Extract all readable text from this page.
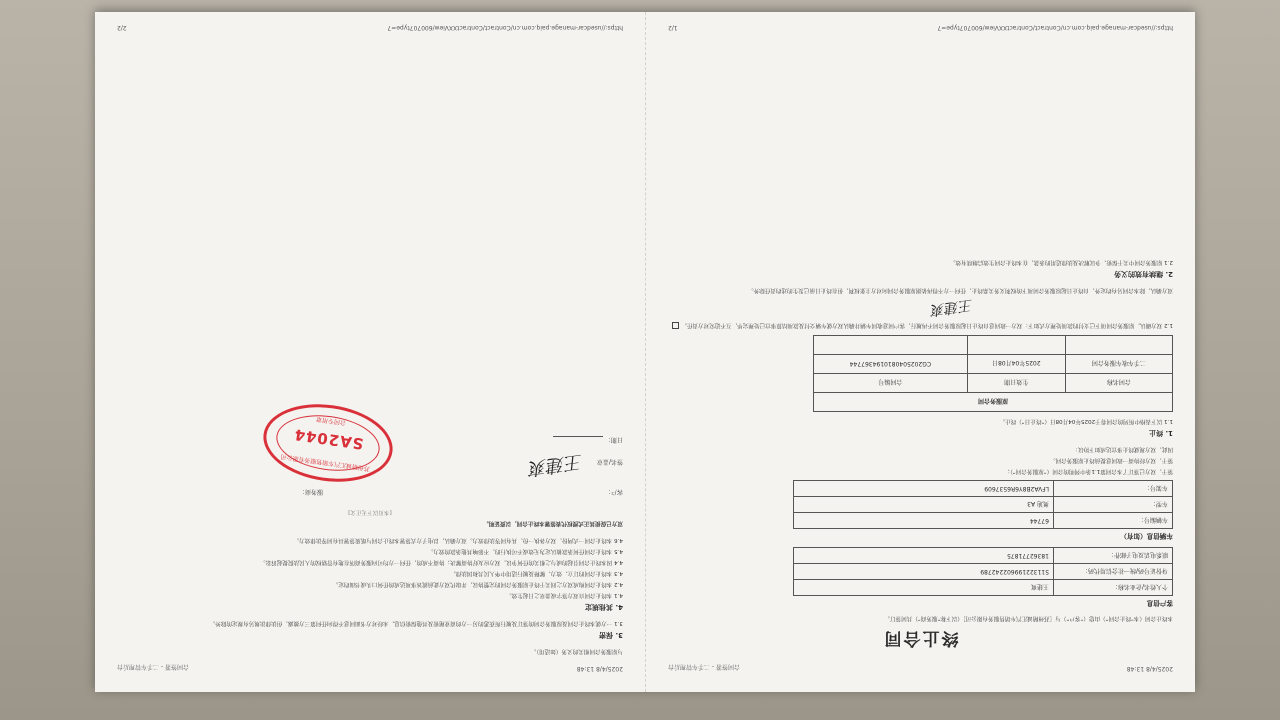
2025/4/8 13:48
合同签署 - 二手车管理后台
终止合同
本终止合同（本“终止合同”）由您（“客户”）与［苏州精诚汇汽车销售服务有限公司］（以下称“服务商”）共同签订。
客户信息
个人姓名/企业名称：	王建爽
身份证号码/统一社会信用代码：	511322199602242789
联系电话及电子邮件：	18362771875
车辆信息（如有）
车辆编号：	67744
车型：	奥迪 A3
车架号：	LFVA2B8Y6R6537609
鉴于，双方已签订了本合同第1.1条中列明的合同（“原服务合同”）；
鉴于，双方经协商一致同意提前终止原服务合同。
因此，双方现就终止事宜达成如下协议：
1. 终止
1.1 以下表格中所列的合同将于2025年04月08日（“终止日”）终止。
原服务合同		
合同名称	生效日期	合同编号
二手车收车服务合同	2025年04月08日	CG2025040810194367744

1.2 双方确认，原服务合同项下已支付的款项处理方式如下：双方一致同意自终止日起原服务合同不再履行，客户同意收回车辆并确认双方就车辆交付及款项结算事宜已处理完毕，互不追究对方责任。
王建爽
双方确认，除本合同另有约定外，自终止日起原服务合同项下的权利义务关系终止，任何一方不得再依据原服务合同向对方主张权利，但在终止日前已发生的违约责任除外。
2. 继续有效的义务
2.1 原服务合同中关于保密、争议解决及法律适用的条款，在本终止合同生效后继续有效。
https://usedcar-manage.paiq.com.cn/Contract/ContractXXView/600707type=7
1/2
2025/4/8 13:48
合同签署 - 二手车管理后台
与原服务合同相关的义务（如适用）。
3. 保密
3.1 一方就本终止合同及原服务合同的签订及履行所获悉的另一方的商业秘密及其他保密信息，未经对方书面同意不得向任何第三方披露，但法律法规另有规定的除外。
4. 其他规定
4.1 本终止合同自双方签字或盖章之日起生效。
4.2 本终止合同构成双方之间关于终止原服务合同的完整协议，并取代双方此前就该事项达成的任何口头或书面约定。
4.3 本终止合同的订立、效力、解释及履行适用中华人民共和国法律。
4.4 因本终止合同引起的或与之相关的任何争议，双方应友好协商解决；协商不成的，任何一方均可向服务商所在地有管辖权的人民法院提起诉讼。
4.5 本终止合同任何条款被认定为无效或不可执行的，不影响其他条款的效力。
4.6 本终止合同一式两份，双方各执一份，具有同等法律效力。双方确认，以电子方式签署本终止合同与纸质签署具有同等法律效力。
双方已促使其正式授权代表签署本终止合同，以资证明。
[本页以下无正文]
客户：
签名/盖章
王建爽
日期：
服务商：
苏州精诚汇汽车销售服务有限公司
SA2044
合同专用章
https://usedcar-manage.paiq.com.cn/Contract/ContractXXView/600707type=7
2/2
